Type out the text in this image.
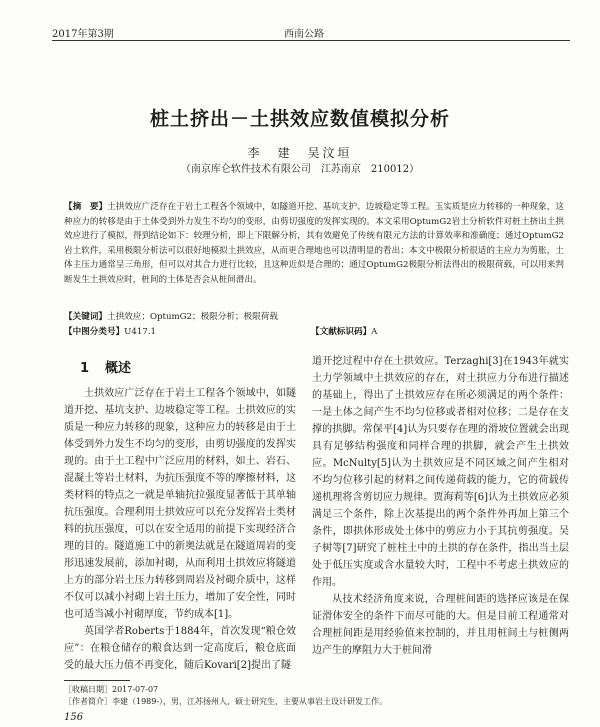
2017年第3期	西南公路
桩土挤出－土拱效应数值模拟分析
李　建　吴汶垣
（南京库仑软件技术有限公司　江苏南京　210012）
【摘　要】土拱效应广泛存在于岩土工程各个领域中，如隧道开挖、基坑支护、边坡稳定等工程。玉实质是应力转移的一种现象，这种应力的转移是由于土体受到外力发生不均匀的变形，由剪切强度的发挥实现的。本文采用OptumG2岩土分析软件对桩土挤出土拱效应进行了模拟，得到结论如下：较理分析，即上下限解分析，其有效避免了传统有限元方法的计算效率和准确度；通过OptumG2岩土软件，采用极限分析法可以很好地模拟土拱效应，从而更合理地也可以清明显的看出；本文中极限分析很适的主应力为剪胀，土体主压力通常呈三角形，但可以对其合力进行比较，且这种近似是合理的；通过OptumG2极限分析法得出的极限荷载，可以用来判断发生土拱效应时，桩间的土体是否会从桩间滑出。
【关键词】土拱效应；OptumG2；极限分析；极限荷载
【中图分类号】U417.1	【文献标识码】A
1 概述

土拱效应广泛存在于岩土工程各个领域中，如隧道开挖、基坑支护、边坡稳定等工程。土拱效应的实质是一种应力转移的现象，这种应力的转移是由于土体受到外力发生不均匀的变形，由剪切强度的发挥实现的。由于土工程中广泛应用的材料，如土、岩石、混凝土等岩土材料，为抗压强度不等的摩擦材料，这类材料的特点之一就是单轴抗拉强度显著低于其单轴抗压强度。合理利用土拱效应可以充分发挥岩土类材料的抗压强度，可以在安全适用的前提下实现经济合理的目的。隧道施工中的新奥法就是在隧道周岩的变形迅速发展前，添加衬砌，从而利用土拱效应将隧道上方的部分岩土压力转移到周岩及衬砌介质中，这样不仅可以减小衬砌上岩土压力，增加了安全性，同时也可适当减小衬砌厚度，节约成本[1]。

英国学者Roberts于1884年，首次发现“粮仓效应”：在粮仓储存的粮食达到一定高度后，粮仓底面受的最大压力值不再变化，随后Kovari[2]提出了隧

道开挖过程中存在土拱效应。Terzaghi[3]在1943年就实土力学领域中土拱效应的存在，对土拱应力分布进行描述的基础上，得出了土拱效应存在所必须满足的两个条件：一是土体之间产生不均匀位移或者相对位移；二是存在支撑的拱脚。常保平[4]认为只要存在理的滑坡位置就会出现具有足够结构强度和同样合理的拱脚，就会产生土拱效应。McNulty[5]认为土拱效应是不同区域之间产生相对不均匀位移引起的材料之间传递荷载的能力，它的荷载传递机理将含剪切应力规律。贾海莉等[6]认为土拱效应必须满足三个条件，除上次基提出的两个条件外再加上第三个条件，即拱体形成处土体中的剪应力小于其抗剪强度。吴子树等[7]研究了桩柱土中的土拱的存在条件，指出当土层处于低压实度或含水量较大时，工程中不考虑土拱效应的作用。

从技术经济角度来说，合理桩间距的选择应该是在保证滑体安全的条件下而尽可能的大。但是目前工程通常对合理桩间距是用经验值来控制的，并且用桩间土与桩侧两边产生的摩阻力大于桩间滑

［收稿日期］2017-07-07
［作者简介］李建（1989-），男，江苏扬州人，硕士研究生，主要从事岩土设计研发工作。
156
